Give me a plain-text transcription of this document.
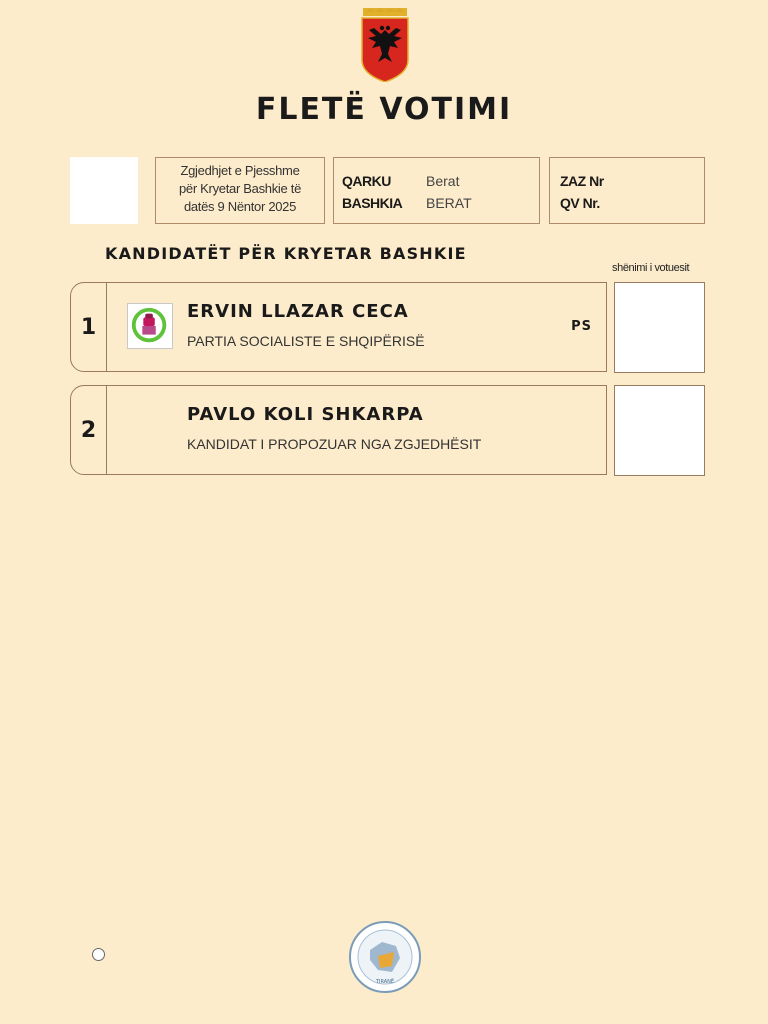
FLETË VOTIMI
Zgjedhjet e Pjesshme
për Kryetar Bashkie të
datës 9 Nëntor 2025
QARKU	Berat
BASHKIA	BERAT
ZAZ Nr
QV Nr.
KANDIDATËT PËR KRYETAR BASHKIE
shënimi i votuesit
1
ERVIN LLAZAR CECA
PARTIA SOCIALISTE E SHQIPËRISË
PS
2
PAVLO KOLI SHKARPA
KANDIDAT I PROPOZUAR NGA ZGJEDHËSIT
TIRANË
